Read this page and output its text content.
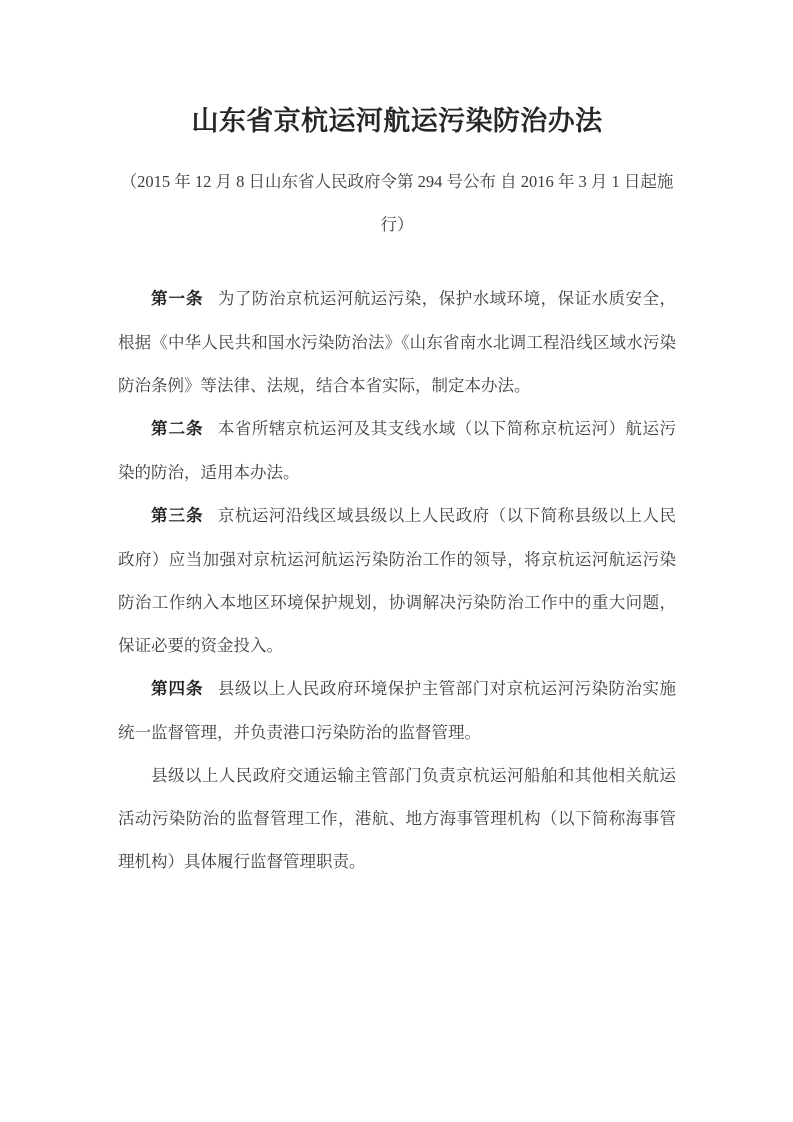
山东省京杭运河航运污染防治办法

（2015 年 12 月 8 日山东省人民政府令第 294 号公布 自 2016 年 3 月 1 日起施行）

第一条 为了防治京杭运河航运污染，保护水域环境，保证水质安全，根据《中华人民共和国水污染防治法》《山东省南水北调工程沿线区域水污染防治条例》等法律、法规，结合本省实际，制定本办法。

第二条 本省所辖京杭运河及其支线水域（以下简称京杭运河）航运污染的防治，适用本办法。

第三条 京杭运河沿线区域县级以上人民政府（以下简称县级以上人民政府）应当加强对京杭运河航运污染防治工作的领导，将京杭运河航运污染防治工作纳入本地区环境保护规划，协调解决污染防治工作中的重大问题，保证必要的资金投入。

第四条 县级以上人民政府环境保护主管部门对京杭运河污染防治实施统一监督管理，并负责港口污染防治的监督管理。

县级以上人民政府交通运输主管部门负责京杭运河船舶和其他相关航运活动污染防治的监督管理工作，港航、地方海事管理机构（以下简称海事管理机构）具体履行监督管理职责。
